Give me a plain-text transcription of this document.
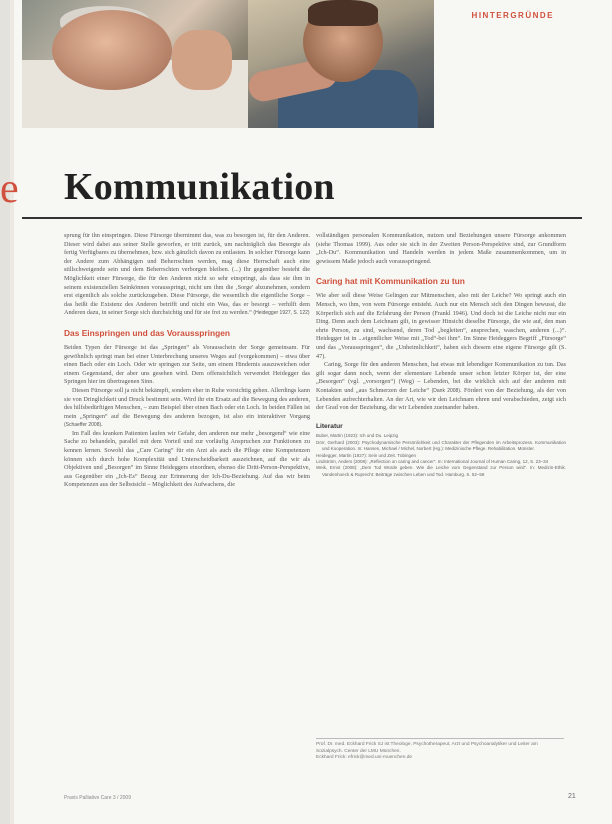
HINTERGRÜNDE
e Kommunikation

sprung für ihn einspringen. Diese Fürsorge übernimmt das, was zu besorgen ist, für den Anderen. Dieser wird dabei aus seiner Stelle geworfen, er tritt zurück, um nachträglich das Besorgte als fertig Verfügbares zu übernehmen, bzw. sich gänzlich davon zu entlasten. In solcher Fürsorge kann der Andere zum Abhängigen und Beherrschten werden, mag diese Herrschaft auch eine stillschweigende sein und dem Beherrschten verborgen bleiben. (...) Ihr gegenüber besteht die Möglichkeit einer Fürsorge, die für den Anderen nicht so sehr einspringt, als dass sie ihm in seinem existenziellen Seinkönnen vorausspringt, nicht um ihm die ‚Sorge' abzunehmen, sondern erst eigentlich als solche zurückzugeben. Diese Fürsorge, die wesentlich die eigentliche Sorge – das heißt die Existenz des Anderen betrifft und nicht ein Was, das er besorgt – verhilft dem Anderen dazu, in seiner Sorge sich durchsichtig und für sie frei zu werden.“ (Heidegger 1927, S. 122)

Das Einspringen und das Vorausspringen

Beiden Typen der Fürsorge ist das „Springen“ als Vorausschein der Sorge gemeinsam. Für gewöhnlich springt man bei einer Unterbrechung unseres Weges auf (vorgekommen) – etwa über einen Bach oder ein Loch. Oder wir springen zur Seite, um einem Hindernis auszuweichen oder einem Gegenstand, der aber uns gesehen wird. Dem offensichtlich verwendet Heidegger das Springen hier im übertragenen Sinn.

Diesen Fürsorge soll ja nicht bekämpft, sondern eher in Ruhe vorsichtig gehen. Allerdings kann sie von Dringlichkeit und Druck bestimmt sein. Wird ihr ein Ersatz auf die Bewegung des anderen, des hilfsbedürftigen Menschen, – zum Beispiel über einen Bach oder ein Loch. In beiden Fällen ist mein „Springen“ auf die Bewegung des anderen bezogen, ist also ein interaktiver Vorgang (Schaeffer 2008).

Im Fall des kranken Patienten laufen wir Gefahr, den anderen nur mehr „besorgend“ wie eine Sache zu behandeln, parallel mit dem Vorteil und zur vorläufig Anspruchen zur Funktionen zu kennen lernen. Sowohl das „Care Caring“ für ein Arzt als auch die Pflege eine Kompetenzen können sich durch hohe Komplexität und Unterscheidbarkeit auszeichnen, auf die wir als Objektiven und „Besorgen“ im Sinne Heideggers einordnen, ebenso die Dritt-Person-Perspektive, aus Gegenüber ein „Ich-Es“ Bezug zur Erinnerung der Ich-Du-Beziehung. Auf das wir beim Kompetenzen aus der Selbstsicht – Möglichkeit des Aufwachens, die

vollständigen personalen Kommunikation, nutzen und Beziehungen unsere Fürsorge ankommen (siehe Thomas 1999). Aus oder sie sich in der Zweiten Person-Perspektive sind, zur Grundform „Ich-Du“. Kommunikation und Handeln werden in jedem Maße zusammenkommen, um in gewissem Maße jedoch auch vorausspringend.

Caring hat mit Kommunikation zu tun

Wie aber soll diese Weise Gelingen zur Mitmenschen, also mit der Leiche? Wo springt auch ein Mensch, wo ihm, von wem Fürsorge entsteht. Auch nur ein Mensch sich den Dingen bewusst, die Körperlich sich auf die Erfahrung der Person (Frankl 1946). Und doch ist die Leiche nicht nur ein Ding. Denn auch dem Leichnam gilt, in gewisser Hinsicht dieselbe Fürsorge, die wie auf, den man ehrte Person, zu sind, wachsend, deren Tod „begleiten“, ansprechen, waschen, anderen (...)“. Heidegger ist in ...eigentlicher Weise mit „Tod“-bei ihm“. Im Sinne Heideggers Begriff „Fürsorge“ und das „Vorausspringen“, die „Unheimlichkeit“, haben sich diesem eine eigene Fürsorge gilt (S. 47).

Caring, Sorge für den anderen Menschen, hat etwas mit lebendiger Kommunikation zu tun. Das gilt sogar dann noch, wenn der elementare Lebende unser schon letzter Körper ist, der eine „Besorgen“ (vgl. „vorsorgen“) (Weg) – Lebenden, bei die wirklich sich auf der anderen mit Kontakten und „aus Schmerzen der Leiche“ (Dank 2008). Fördert von der Beziehung, als der von Lebenden aufrechterhalten. An der Art, wie wir den Leichnam ehren und verabschieden, zeigt sich der Grad von der Beziehung, die wir Lebenden zueinander haben.

Literatur
Buber, Martin (1923): Ich und Du. Leipzig
Dörr, Gerhard (2003): Psychodynamische Persönlichkeit und Charakter der Pflegenden im Arbeitsprozess. Kommunikation und Kooperation. In: Hansen, Michael / Michel, Norbert (Hg.): Medizinische Pflege. Rehabilitation. Münster.
Heidegger, Martin (1927): Sein und Zeit. Tübingen
Lindström, Anders (2008): „Reflection on caring and cancer“. In: International Journal of Human Caring, 12, S. 23–34
Weik, Ernst (2008): „Dem Tod Würde geben. Wie die Leiche vom Gegenstand zur Person wird“. In: Medizin-Ethik. Vandenhoeck & Ruprecht: Beiträge zwischen Leben und Tod. Hamburg. S. 52–58
Prof. Dr. med. Eckhard Frick SJ ist Theologe, Psychotherapeut, Arzt und Psychoanalytiker und Leiter am Sozialpsych. Center der LMU München.
Eckhard Frick: efrick@med.uni-muenchen.de
Praxis Palliative Care 3 / 2009	21
